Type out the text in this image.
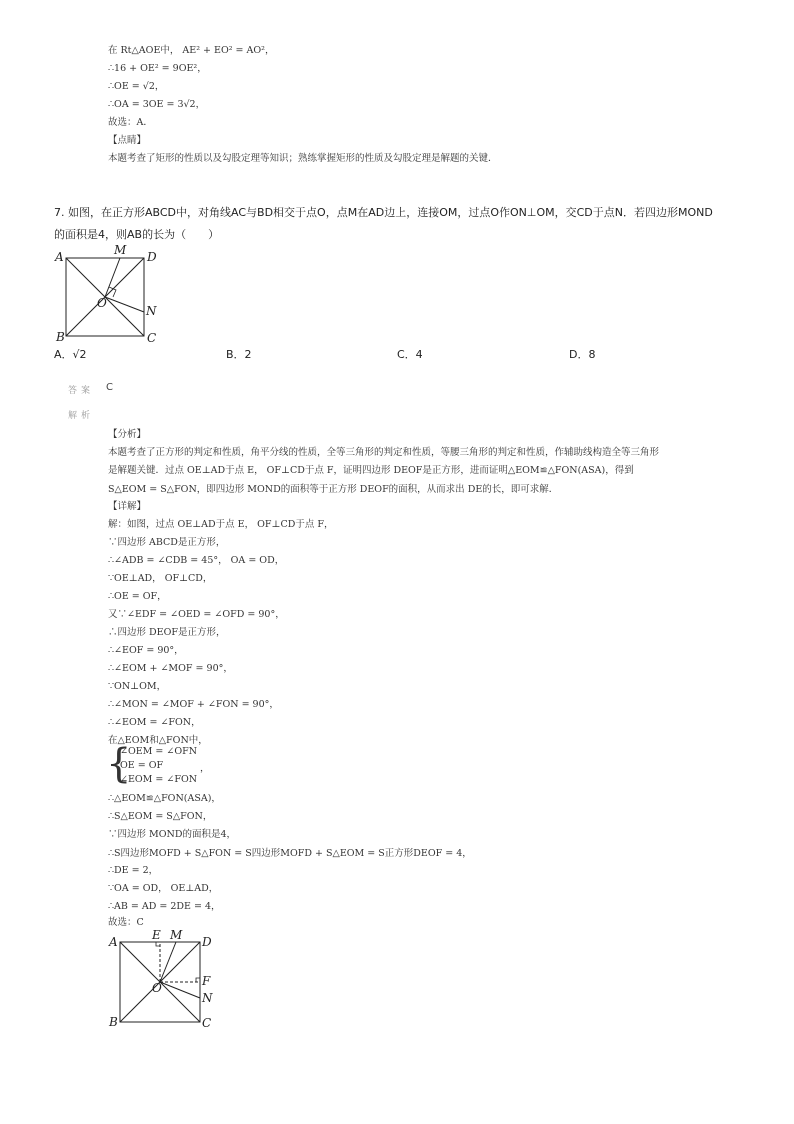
在 Rt△AOE中， AE² + EO² = AO²，
∴16 + OE² = 9OE²，
∴OE = √2，
∴OA = 3OE = 3√2，
故选：A．
【点睛】
本题考查了矩形的性质以及勾股定理等知识；熟练掌握矩形的性质及勾股定理是解题的关键．
7. 如图，在正方形ABCD中，对角线AC与BD相交于点O，点M在AD边上，连接OM，过点O作ON⊥OM，交CD于点N．若四边形MOND
的面积是4，则AB的长为（　　）
A
B	C
D
M
N
O
A．√2	B．2	C．4	D．8
答案 C
解析
【分析】
本题考查了正方形的判定和性质，角平分线的性质，全等三角形的判定和性质，等腰三角形的判定和性质，作辅助线构造全等三角形
是解题关键．过点 OE⊥AD于点 E， OF⊥CD于点 F，证明四边形 DEOF是正方形，进而证明△EOM≌△FON(ASA)，得到
S△EOM = S△FON，即四边形 MOND的面积等于正方形 DEOF的面积，从而求出 DE的长，即可求解．
【详解】
解：如图，过点 OE⊥AD于点 E， OF⊥CD于点 F，
∵四边形 ABCD是正方形，
∴∠ADB = ∠CDB = 45°， OA = OD，
∵OE⊥AD， OF⊥CD，
∴OE = OF，
又∵∠EDF = ∠OED = ∠OFD = 90°，
∴四边形 DEOF是正方形，
∴∠EOF = 90°，
∴∠EOM + ∠MOF = 90°，
∵ON⊥OM，
∴∠MON = ∠MOF + ∠FON = 90°，
∴∠EOM = ∠FON，
在△EOM和△FON中，
{
∠OEM = ∠OFN
OE = OF
∠EOM = ∠FON
，
∴△EOM≌△FON(ASA)，
∴S△EOM = S△FON，
∵四边形 MOND的面积是4，
∴S四边形MOFD + S△FON = S四边形MOFD + S△EOM = S正方形DEOF = 4，
∴DE = 2，
∵OA = OD， OE⊥AD，
∴AB = AD = 2DE = 4，
故选：C
A
B	C
D
E
F
M
N
O
